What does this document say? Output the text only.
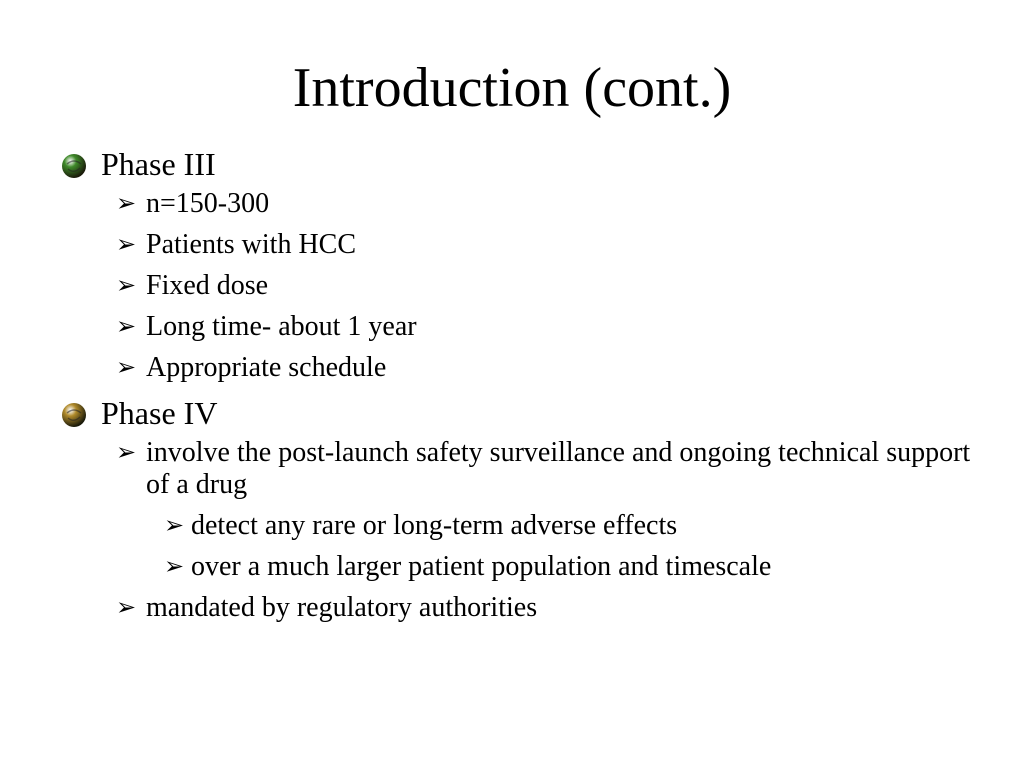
Introduction (cont.)
Phase III
➢ n=150-300
➢ Patients with HCC
➢ Fixed dose
➢ Long time- about 1 year
➢ Appropriate schedule
Phase IV
➢ involve the post-launch safety surveillance and ongoing technical support of a drug
➢ detect any rare or long-term adverse effects
➢ over a much larger patient population and timescale
➢ mandated by regulatory authorities
